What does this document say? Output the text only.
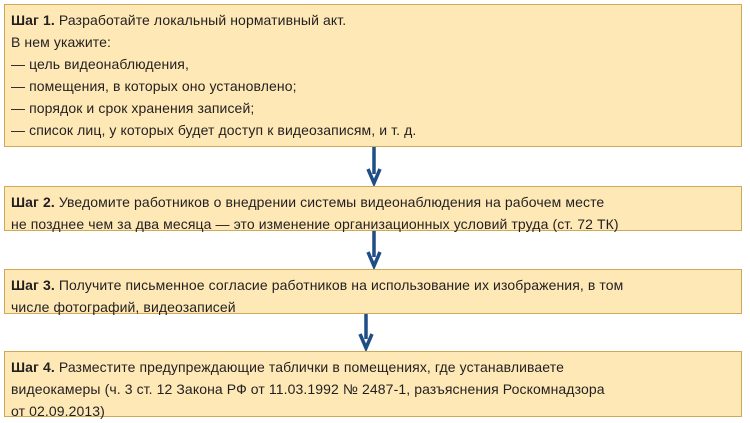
Шаг 1. Разработайте локальный нормативный акт.

В нем укажите:

— цель видеонаблюдения,

— помещения, в которых оно установлено;

— порядок и срок хранения записей;

— список лиц, у которых будет доступ к видеозаписям, и т. д.

Шаг 2. Уведомите работников о внедрении системы видеонаблюдения на рабочем месте

не позднее чем за два месяца — это изменение организационных условий труда (ст. 72 ТК)

Шаг 3. Получите письменное согласие работников на использование их изображения, в том

числе фотографий, видеозаписей

Шаг 4. Разместите предупреждающие таблички в помещениях, где устанавливаете

видеокамеры (ч. 3 ст. 12 Закона РФ от 11.03.1992 № 2487-1, разъяснения Роскомнадзора

от 02.09.2013)
